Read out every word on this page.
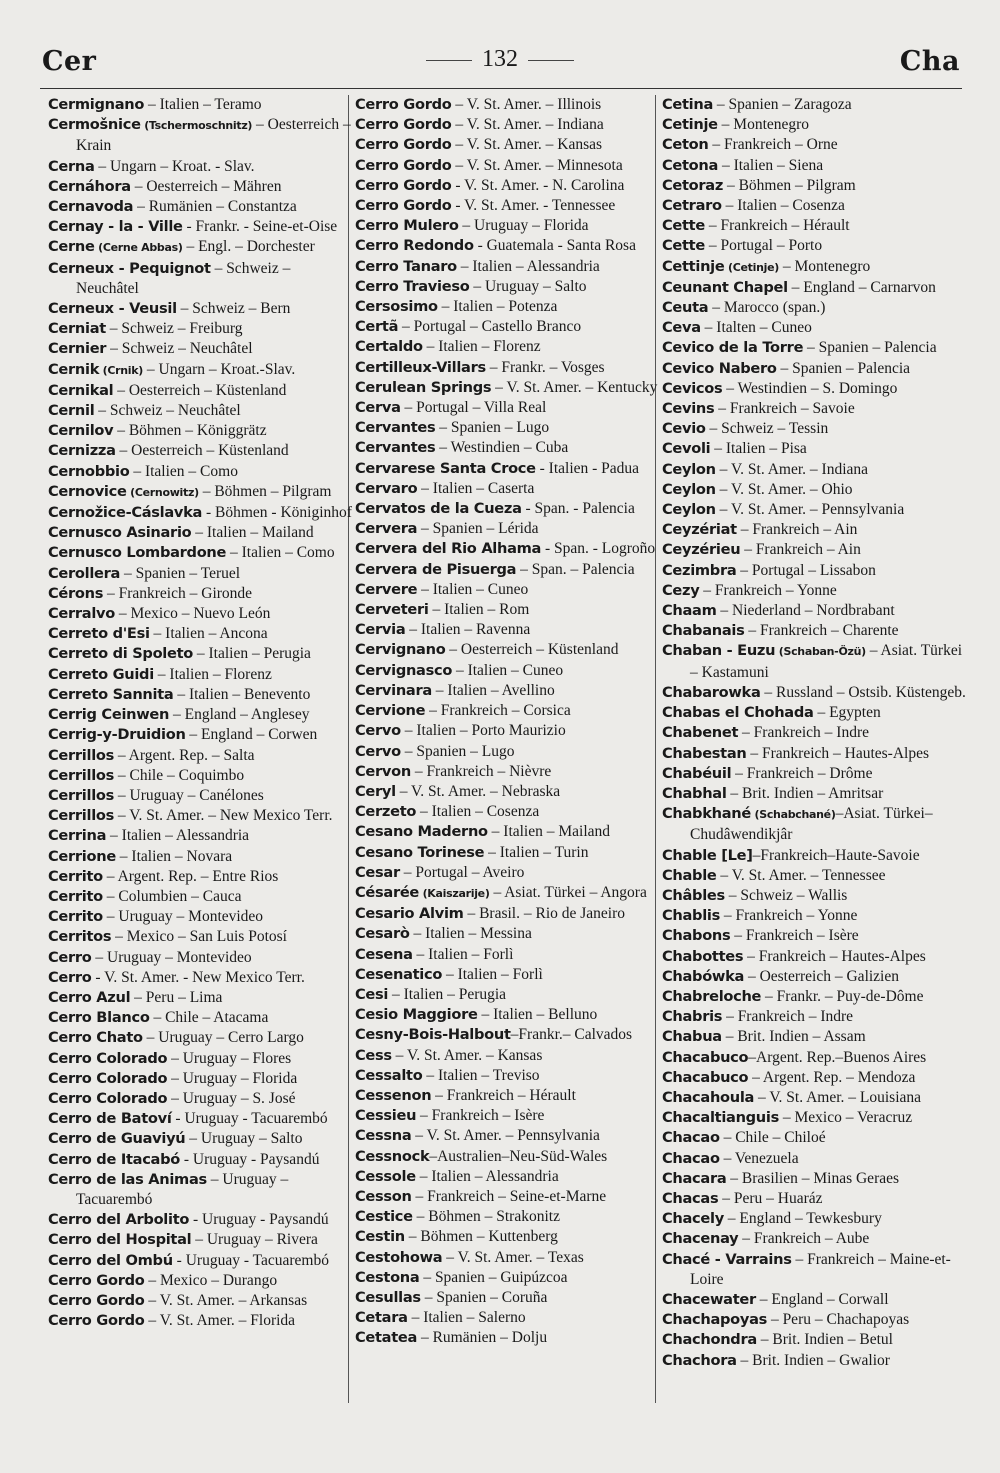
Cer	132	Cha
Cermignano – Italien – Teramo
Cermošnice (Tschermoschnitz) – Oesterreich – Krain
Cerna – Ungarn – Kroat. - Slav.
Cernáhora – Oesterreich – Mähren
Cernavoda – Rumänien – Constantza
Cernay - la - Ville - Frankr. - Seine-et-Oise
Cerne (Cerne Abbas) – Engl. – Dorchester
Cerneux - Pequignot – Schweiz – Neuchâtel
Cerneux - Veusil – Schweiz – Bern
Cerniat – Schweiz – Freiburg
Cernier – Schweiz – Neuchâtel
Cernik (Crnik) – Ungarn – Kroat.-Slav.
Cernikal – Oesterreich – Küstenland
Cernil – Schweiz – Neuchâtel
Cernilov – Böhmen – Königgrätz
Cernizza – Oesterreich – Küstenland
Cernobbio – Italien – Como
Cernovice (Cernowitz) – Böhmen – Pilgram
Cernožice-Cáslavka - Böhmen - Königinhof
Cernusco Asinario – Italien – Mailand
Cernusco Lombardone – Italien – Como
Cerollera – Spanien – Teruel
Cérons – Frankreich – Gironde
Cerralvo – Mexico – Nuevo León
Cerreto d'Esi – Italien – Ancona
Cerreto di Spoleto – Italien – Perugia
Cerreto Guidi – Italien – Florenz
Cerreto Sannita – Italien – Benevento
Cerrig Ceinwen – England – Anglesey
Cerrig-y-Druidion – England – Corwen
Cerrillos – Argent. Rep. – Salta
Cerrillos – Chile – Coquimbo
Cerrillos – Uruguay – Canélones
Cerrillos – V. St. Amer. – New Mexico Terr.
Cerrina – Italien – Alessandria
Cerrione – Italien – Novara
Cerrito – Argent. Rep. – Entre Rios
Cerrito – Columbien – Cauca
Cerrito – Uruguay – Montevideo
Cerritos – Mexico – San Luis Potosí
Cerro – Uruguay – Montevideo
Cerro - V. St. Amer. - New Mexico Terr.
Cerro Azul – Peru – Lima
Cerro Blanco – Chile – Atacama
Cerro Chato – Uruguay – Cerro Largo
Cerro Colorado – Uruguay – Flores
Cerro Colorado – Uruguay – Florida
Cerro Colorado – Uruguay – S. José
Cerro de Batoví - Uruguay - Tacuarembó
Cerro de Guaviyú – Uruguay – Salto
Cerro de Itacabó - Uruguay - Paysandú
Cerro de las Animas – Uruguay – Tacuarembó
Cerro del Arbolito - Uruguay - Paysandú
Cerro del Hospital – Uruguay – Rivera
Cerro del Ombú - Uruguay - Tacuarembó
Cerro Gordo – Mexico – Durango
Cerro Gordo – V. St. Amer. – Arkansas
Cerro Gordo – V. St. Amer. – Florida
Cerro Gordo – V. St. Amer. – Illinois
Cerro Gordo – V. St. Amer. – Indiana
Cerro Gordo – V. St. Amer. – Kansas
Cerro Gordo – V. St. Amer. – Minnesota
Cerro Gordo - V. St. Amer. - N. Carolina
Cerro Gordo - V. St. Amer. - Tennessee
Cerro Mulero – Uruguay – Florida
Cerro Redondo - Guatemala - Santa Rosa
Cerro Tanaro – Italien – Alessandria
Cerro Travieso – Uruguay – Salto
Cersosimo – Italien – Potenza
Certã – Portugal – Castello Branco
Certaldo – Italien – Florenz
Certilleux-Villars – Frankr. – Vosges
Cerulean Springs – V. St. Amer. – Kentucky
Cerva – Portugal – Villa Real
Cervantes – Spanien – Lugo
Cervantes – Westindien – Cuba
Cervarese Santa Croce - Italien - Padua
Cervaro – Italien – Caserta
Cervatos de la Cueza - Span. - Palencia
Cervera – Spanien – Lérida
Cervera del Rio Alhama - Span. - Logroño
Cervera de Pisuerga – Span. – Palencia
Cervere – Italien – Cuneo
Cerveteri – Italien – Rom
Cervia – Italien – Ravenna
Cervignano – Oesterreich – Küstenland
Cervignasco – Italien – Cuneo
Cervinara – Italien – Avellino
Cervione – Frankreich – Corsica
Cervo – Italien – Porto Maurizio
Cervo – Spanien – Lugo
Cervon – Frankreich – Nièvre
Ceryl – V. St. Amer. – Nebraska
Cerzeto – Italien – Cosenza
Cesano Maderno – Italien – Mailand
Cesano Torinese – Italien – Turin
Cesar – Portugal – Aveiro
Césarée (Kaiszarije) – Asiat. Türkei – Angora
Cesario Alvim – Brasil. – Rio de Janeiro
Cesarò – Italien – Messina
Cesena – Italien – Forlì
Cesenatico – Italien – Forlì
Cesi – Italien – Perugia
Cesio Maggiore – Italien – Belluno
Cesny-Bois-Halbout–Frankr.– Calvados
Cess – V. St. Amer. – Kansas
Cessalto – Italien – Treviso
Cessenon – Frankreich – Hérault
Cessieu – Frankreich – Isère
Cessna – V. St. Amer. – Pennsylvania
Cessnock–Australien–Neu-Süd-Wales
Cessole – Italien – Alessandria
Cesson – Frankreich – Seine-et-Marne
Cestice – Böhmen – Strakonitz
Cestin – Böhmen – Kuttenberg
Cestohowa – V. St. Amer. – Texas
Cestona – Spanien – Guipúzcoa
Cesullas – Spanien – Coruña
Cetara – Italien – Salerno
Cetatea – Rumänien – Dolju
Cetina – Spanien – Zaragoza
Cetinje – Montenegro
Ceton – Frankreich – Orne
Cetona – Italien – Siena
Cetoraz – Böhmen – Pilgram
Cetraro – Italien – Cosenza
Cette – Frankreich – Hérault
Cette – Portugal – Porto
Cettinje (Cetinje) – Montenegro
Ceunant Chapel – England – Carnarvon
Ceuta – Marocco (span.)
Ceva – Italten – Cuneo
Cevico de la Torre – Spanien – Palencia
Cevico Nabero – Spanien – Palencia
Cevicos – Westindien – S. Domingo
Cevins – Frankreich – Savoie
Cevio – Schweiz – Tessin
Cevoli – Italien – Pisa
Ceylon – V. St. Amer. – Indiana
Ceylon – V. St. Amer. – Ohio
Ceylon – V. St. Amer. – Pennsylvania
Ceyzériat – Frankreich – Ain
Ceyzérieu – Frankreich – Ain
Cezimbra – Portugal – Lissabon
Cezy – Frankreich – Yonne
Chaam – Niederland – Nordbrabant
Chabanais – Frankreich – Charente
Chaban - Euzu (Schaban-Özü) – Asiat. Türkei – Kastamuni
Chabarowka – Russland – Ostsib. Küstengeb.
Chabas el Chohada – Egypten
Chabenet – Frankreich – Indre
Chabestan – Frankreich – Hautes-Alpes
Chabéuil – Frankreich – Drôme
Chabhal – Brit. Indien – Amritsar
Chabkhané (Schabchané)–Asiat. Türkei–Chudâwendikjâr
Chable [Le]–Frankreich–Haute-Savoie
Chable – V. St. Amer. – Tennessee
Châbles – Schweiz – Wallis
Chablis – Frankreich – Yonne
Chabons – Frankreich – Isère
Chabottes – Frankreich – Hautes-Alpes
Chabówka – Oesterreich – Galizien
Chabreloche – Frankr. – Puy-de-Dôme
Chabris – Frankreich – Indre
Chabua – Brit. Indien – Assam
Chacabuco–Argent. Rep.–Buenos Aires
Chacabuco – Argent. Rep. – Mendoza
Chacahoula – V. St. Amer. – Louisiana
Chacaltianguis – Mexico – Veracruz
Chacao – Chile – Chiloé
Chacao – Venezuela
Chacara – Brasilien – Minas Geraes
Chacas – Peru – Huaráz
Chacely – England – Tewkesbury
Chacenay – Frankreich – Aube
Chacé - Varrains – Frankreich – Maine-et-Loire
Chacewater – England – Corwall
Chachapoyas – Peru – Chachapoyas
Chachondra – Brit. Indien – Betul
Chachora – Brit. Indien – Gwalior
